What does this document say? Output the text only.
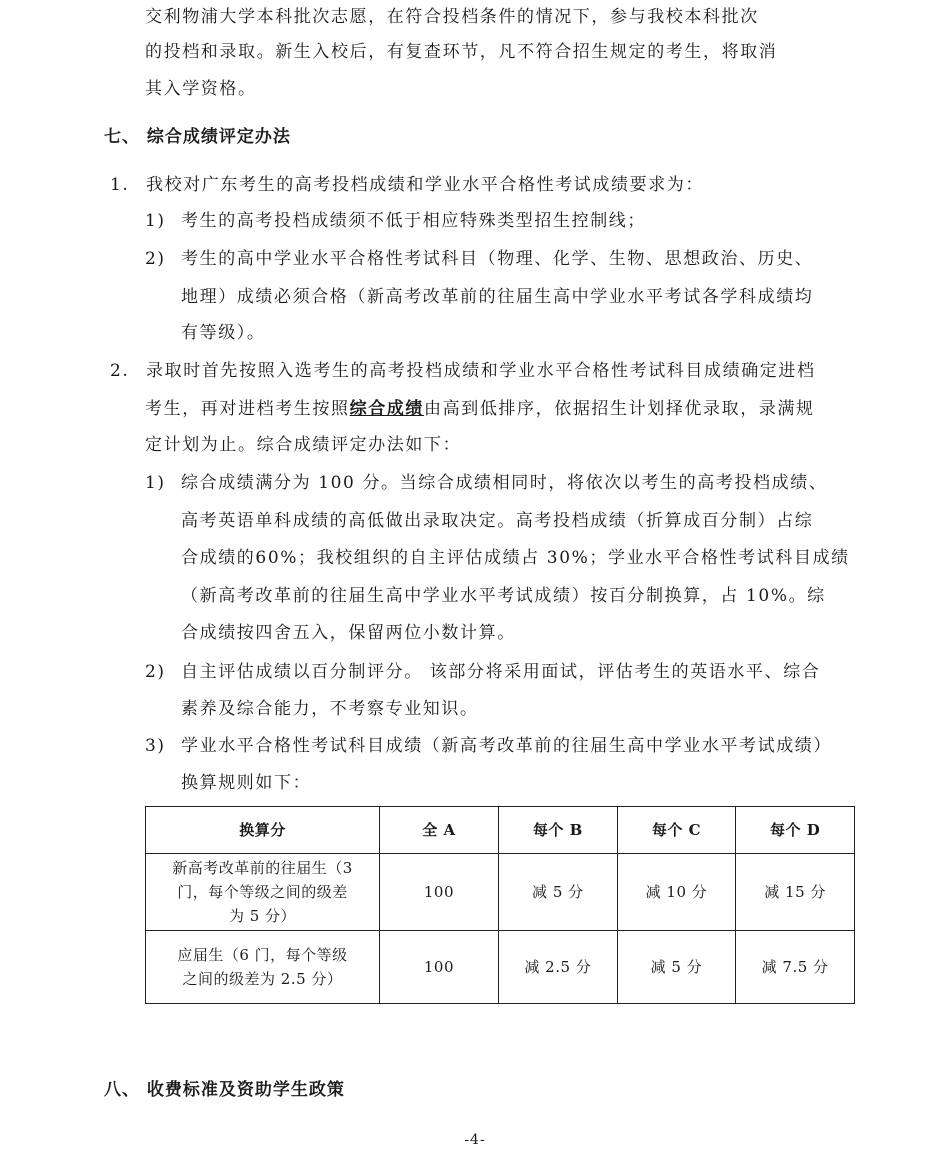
交利物浦大学本科批次志愿，在符合投档条件的情况下，参与我校本科批次
的投档和录取。新生入校后，有复查环节，凡不符合招生规定的考生，将取消
其入学资格。
七、 综合成绩评定办法
1. 我校对广东考生的高考投档成绩和学业水平合格性考试成绩要求为：
1) 考生的高考投档成绩须不低于相应特殊类型招生控制线；
2) 考生的高中学业水平合格性考试科目（物理、化学、生物、思想政治、历史、
地理）成绩必须合格（新高考改革前的往届生高中学业水平考试各学科成绩均
有等级）。
2. 录取时首先按照入选考生的高考投档成绩和学业水平合格性考试科目成绩确定进档
考生，再对进档考生按照综合成绩由高到低排序，依据招生计划择优录取，录满规
定计划为止。综合成绩评定办法如下：
1) 综合成绩满分为 100 分。当综合成绩相同时，将依次以考生的高考投档成绩、
高考英语单科成绩的高低做出录取决定。高考投档成绩（折算成百分制）占综
合成绩的60%；我校组织的自主评估成绩占 30%；学业水平合格性考试科目成绩
（新高考改革前的往届生高中学业水平考试成绩）按百分制换算，占 10%。综
合成绩按四舍五入，保留两位小数计算。
2) 自主评估成绩以百分制评分。 该部分将采用面试，评估考生的英语水平、综合
素养及综合能力，不考察专业知识。
3) 学业水平合格性考试科目成绩（新高考改革前的往届生高中学业水平考试成绩）
换算规则如下：
换算分	全 A	每个 B	每个 C	每个 D

新高考改革前的往届生（3
门，每个等级之间的级差
为 5 分）	100	减 5 分	减 10 分	减 15 分

应届生（6 门，每个等级
之间的级差为 2.5 分）	100	减 2.5 分	减 5 分	减 7.5 分
八、 收费标准及资助学生政策
-4-
